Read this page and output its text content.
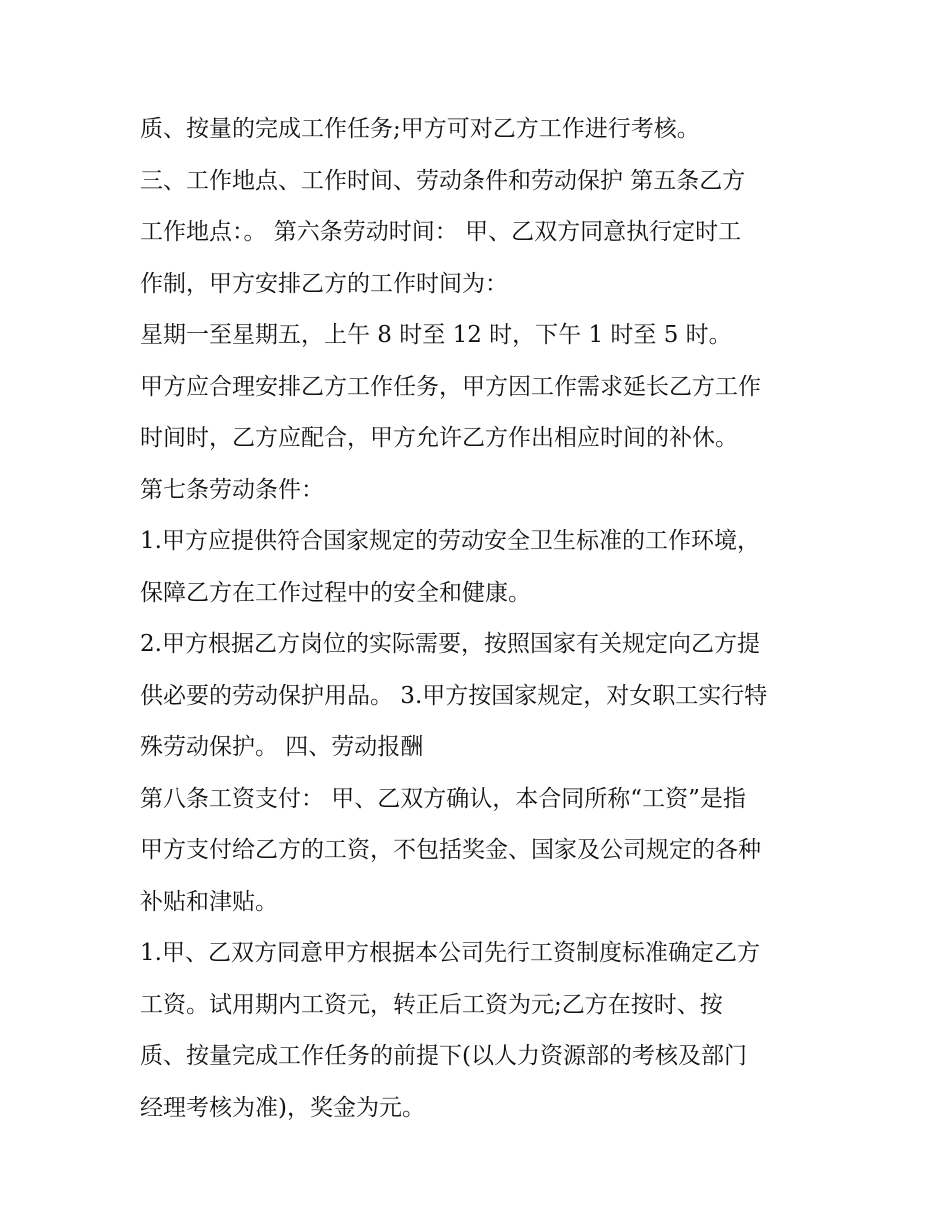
质、按量的完成工作任务;甲方可对乙方工作进行考核。
三、工作地点、工作时间、劳动条件和劳动保护 第五条乙方
工作地点：。 第六条劳动时间： 甲、乙双方同意执行定时工
作制，甲方安排乙方的工作时间为：
星期一至星期五，上午 8 时至 12 时，下午 1 时至 5 时。
甲方应合理安排乙方工作任务，甲方因工作需求延长乙方工作
时间时，乙方应配合，甲方允许乙方作出相应时间的补休。
第七条劳动条件：
1.甲方应提供符合国家规定的劳动安全卫生标准的工作环境，
保障乙方在工作过程中的安全和健康。
2.甲方根据乙方岗位的实际需要，按照国家有关规定向乙方提
供必要的劳动保护用品。 3.甲方按国家规定，对女职工实行特
殊劳动保护。 四、劳动报酬
第八条工资支付： 甲、乙双方确认，本合同所称“工资”是指
甲方支付给乙方的工资，不包括奖金、国家及公司规定的各种
补贴和津贴。
1.甲、乙双方同意甲方根据本公司先行工资制度标准确定乙方
工资。试用期内工资元，转正后工资为元;乙方在按时、按
质、按量完成工作任务的前提下(以人力资源部的考核及部门
经理考核为准)，奖金为元。
